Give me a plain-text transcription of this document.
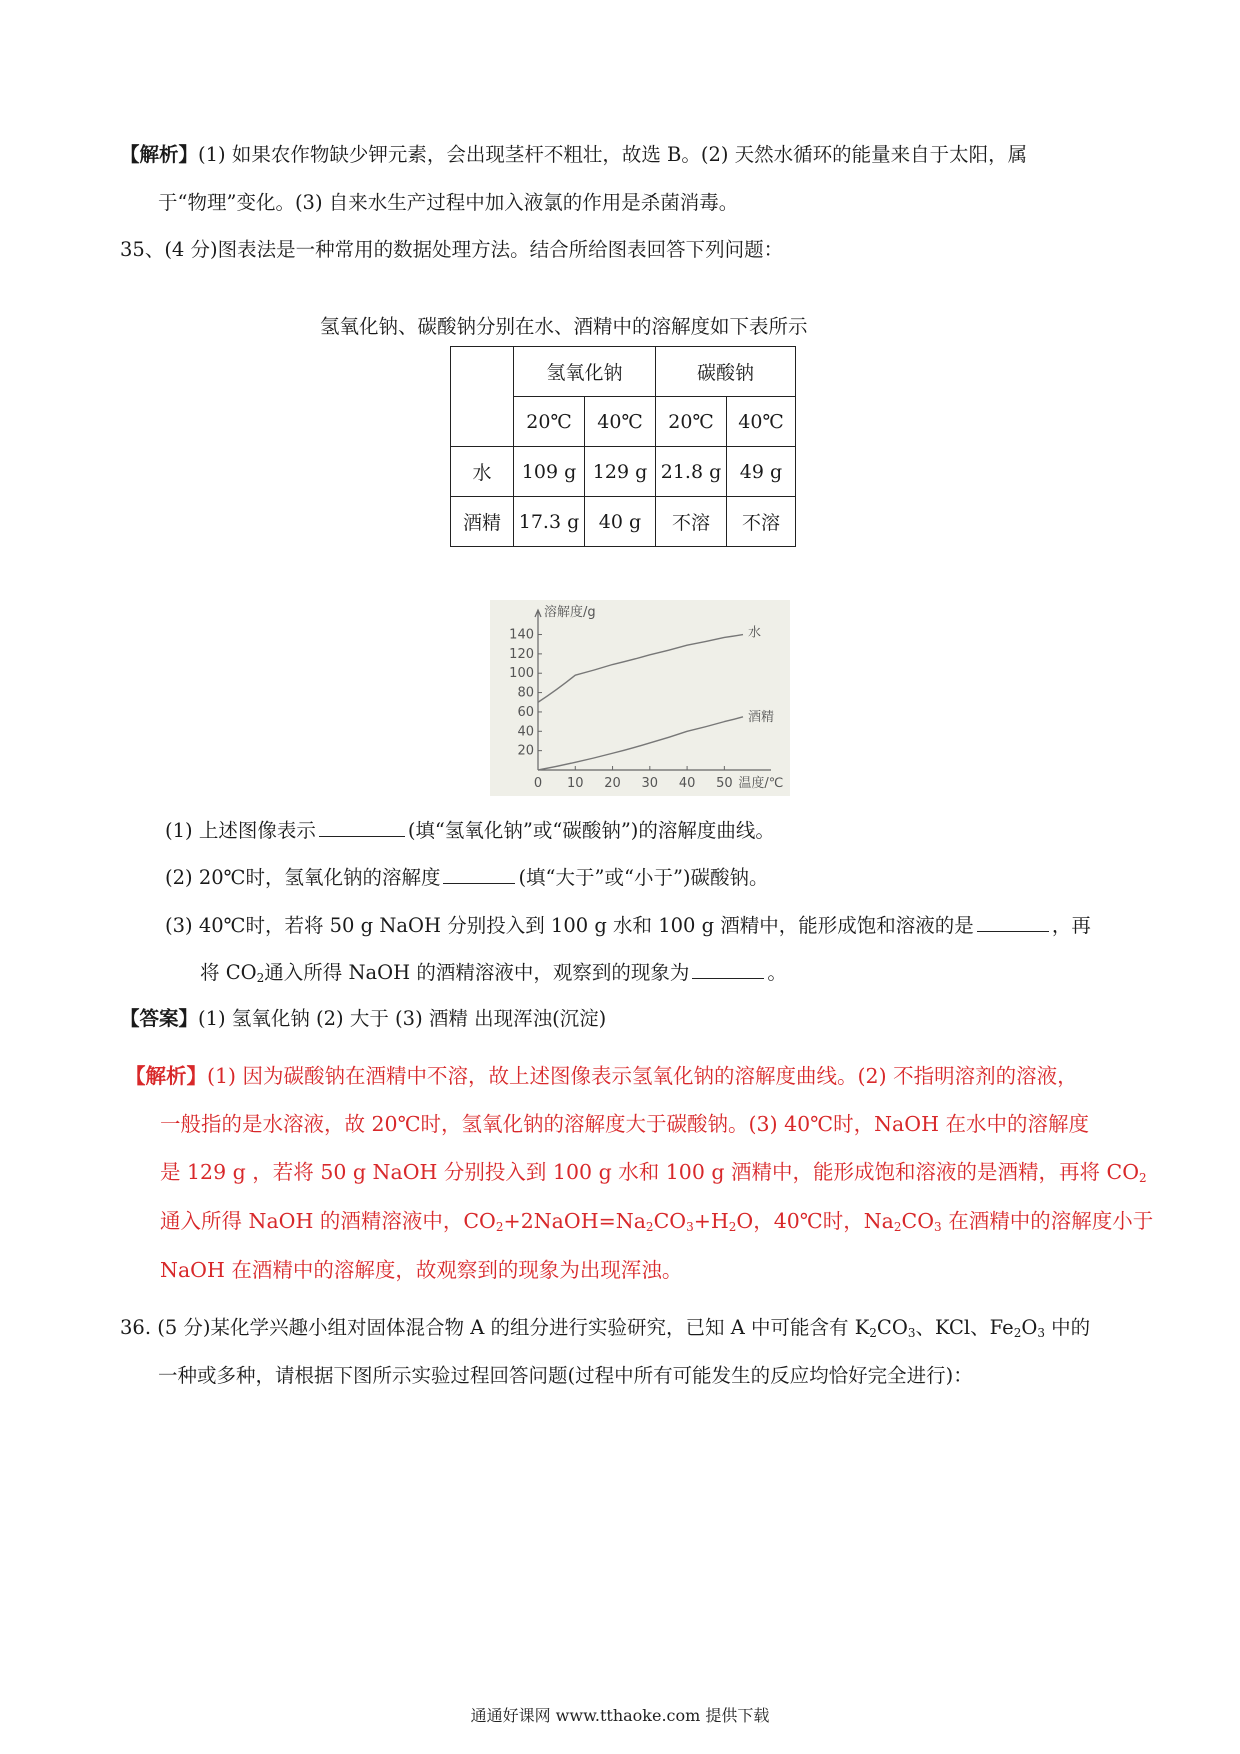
【解析】(1) 如果农作物缺少钾元素，会出现茎杆不粗壮，故选 B。(2) 天然水循环的能量来自于太阳，属
于“物理”变化。(3) 自来水生产过程中加入液氯的作用是杀菌消毒。
35、(4 分)图表法是一种常用的数据处理方法。结合所给图表回答下列问题：
氢氧化钠、碳酸钠分别在水、酒精中的溶解度如下表所示
	氢氧化钠		碳酸钠	
	20℃	40℃	20℃	40℃
水	109 g	129 g	21.8 g	49 g
酒精	17.3 g	40 g	不溶	不溶
20
40
60
80
100
120
140
0 10 20 30 40 50
溶解度/g
温度/℃
水
酒精
(1) 上述图像表示	(填“氢氧化钠”或“碳酸钠”)的溶解度曲线。
(2) 20℃时，氢氧化钠的溶解度	(填“大于”或“小于”)碳酸钠。
(3) 40℃时，若将 50 g NaOH 分别投入到 100 g 水和 100 g 酒精中，能形成饱和溶液的是	，再
将 $CO_2$通入所得 NaOH 的酒精溶液中，观察到的现象为	。
【答案】(1) 氢氧化钠 (2) 大于 (3) 酒精 出现浑浊(沉淀)
【解析】(1) 因为碳酸钠在酒精中不溶，故上述图像表示氢氧化钠的溶解度曲线。(2) 不指明溶剂的溶液，
一般指的是水溶液，故 20℃时，氢氧化钠的溶解度大于碳酸钠。(3) 40℃时，NaOH 在水中的溶解度
是 129 g ，若将 50 g NaOH 分别投入到 100 g 水和 100 g 酒精中，能形成饱和溶液的是酒精，再将 $CO_2$
通入所得 NaOH 的酒精溶液中，$CO_2+2NaOH=Na_2CO_3+H_2O$，40℃时，$Na_2CO_3$ 在酒精中的溶解度小于
NaOH 在酒精中的溶解度，故观察到的现象为出现浑浊。
36. (5 分)某化学兴趣小组对固体混合物 A 的组分进行实验研究，已知 A 中可能含有 $K_2CO_3$、KCl、$Fe_2O_3$ 中的
一种或多种，请根据下图所示实验过程回答问题(过程中所有可能发生的反应均恰好完全进行)：
通通好课网 www.tthaoke.com 提供下载
